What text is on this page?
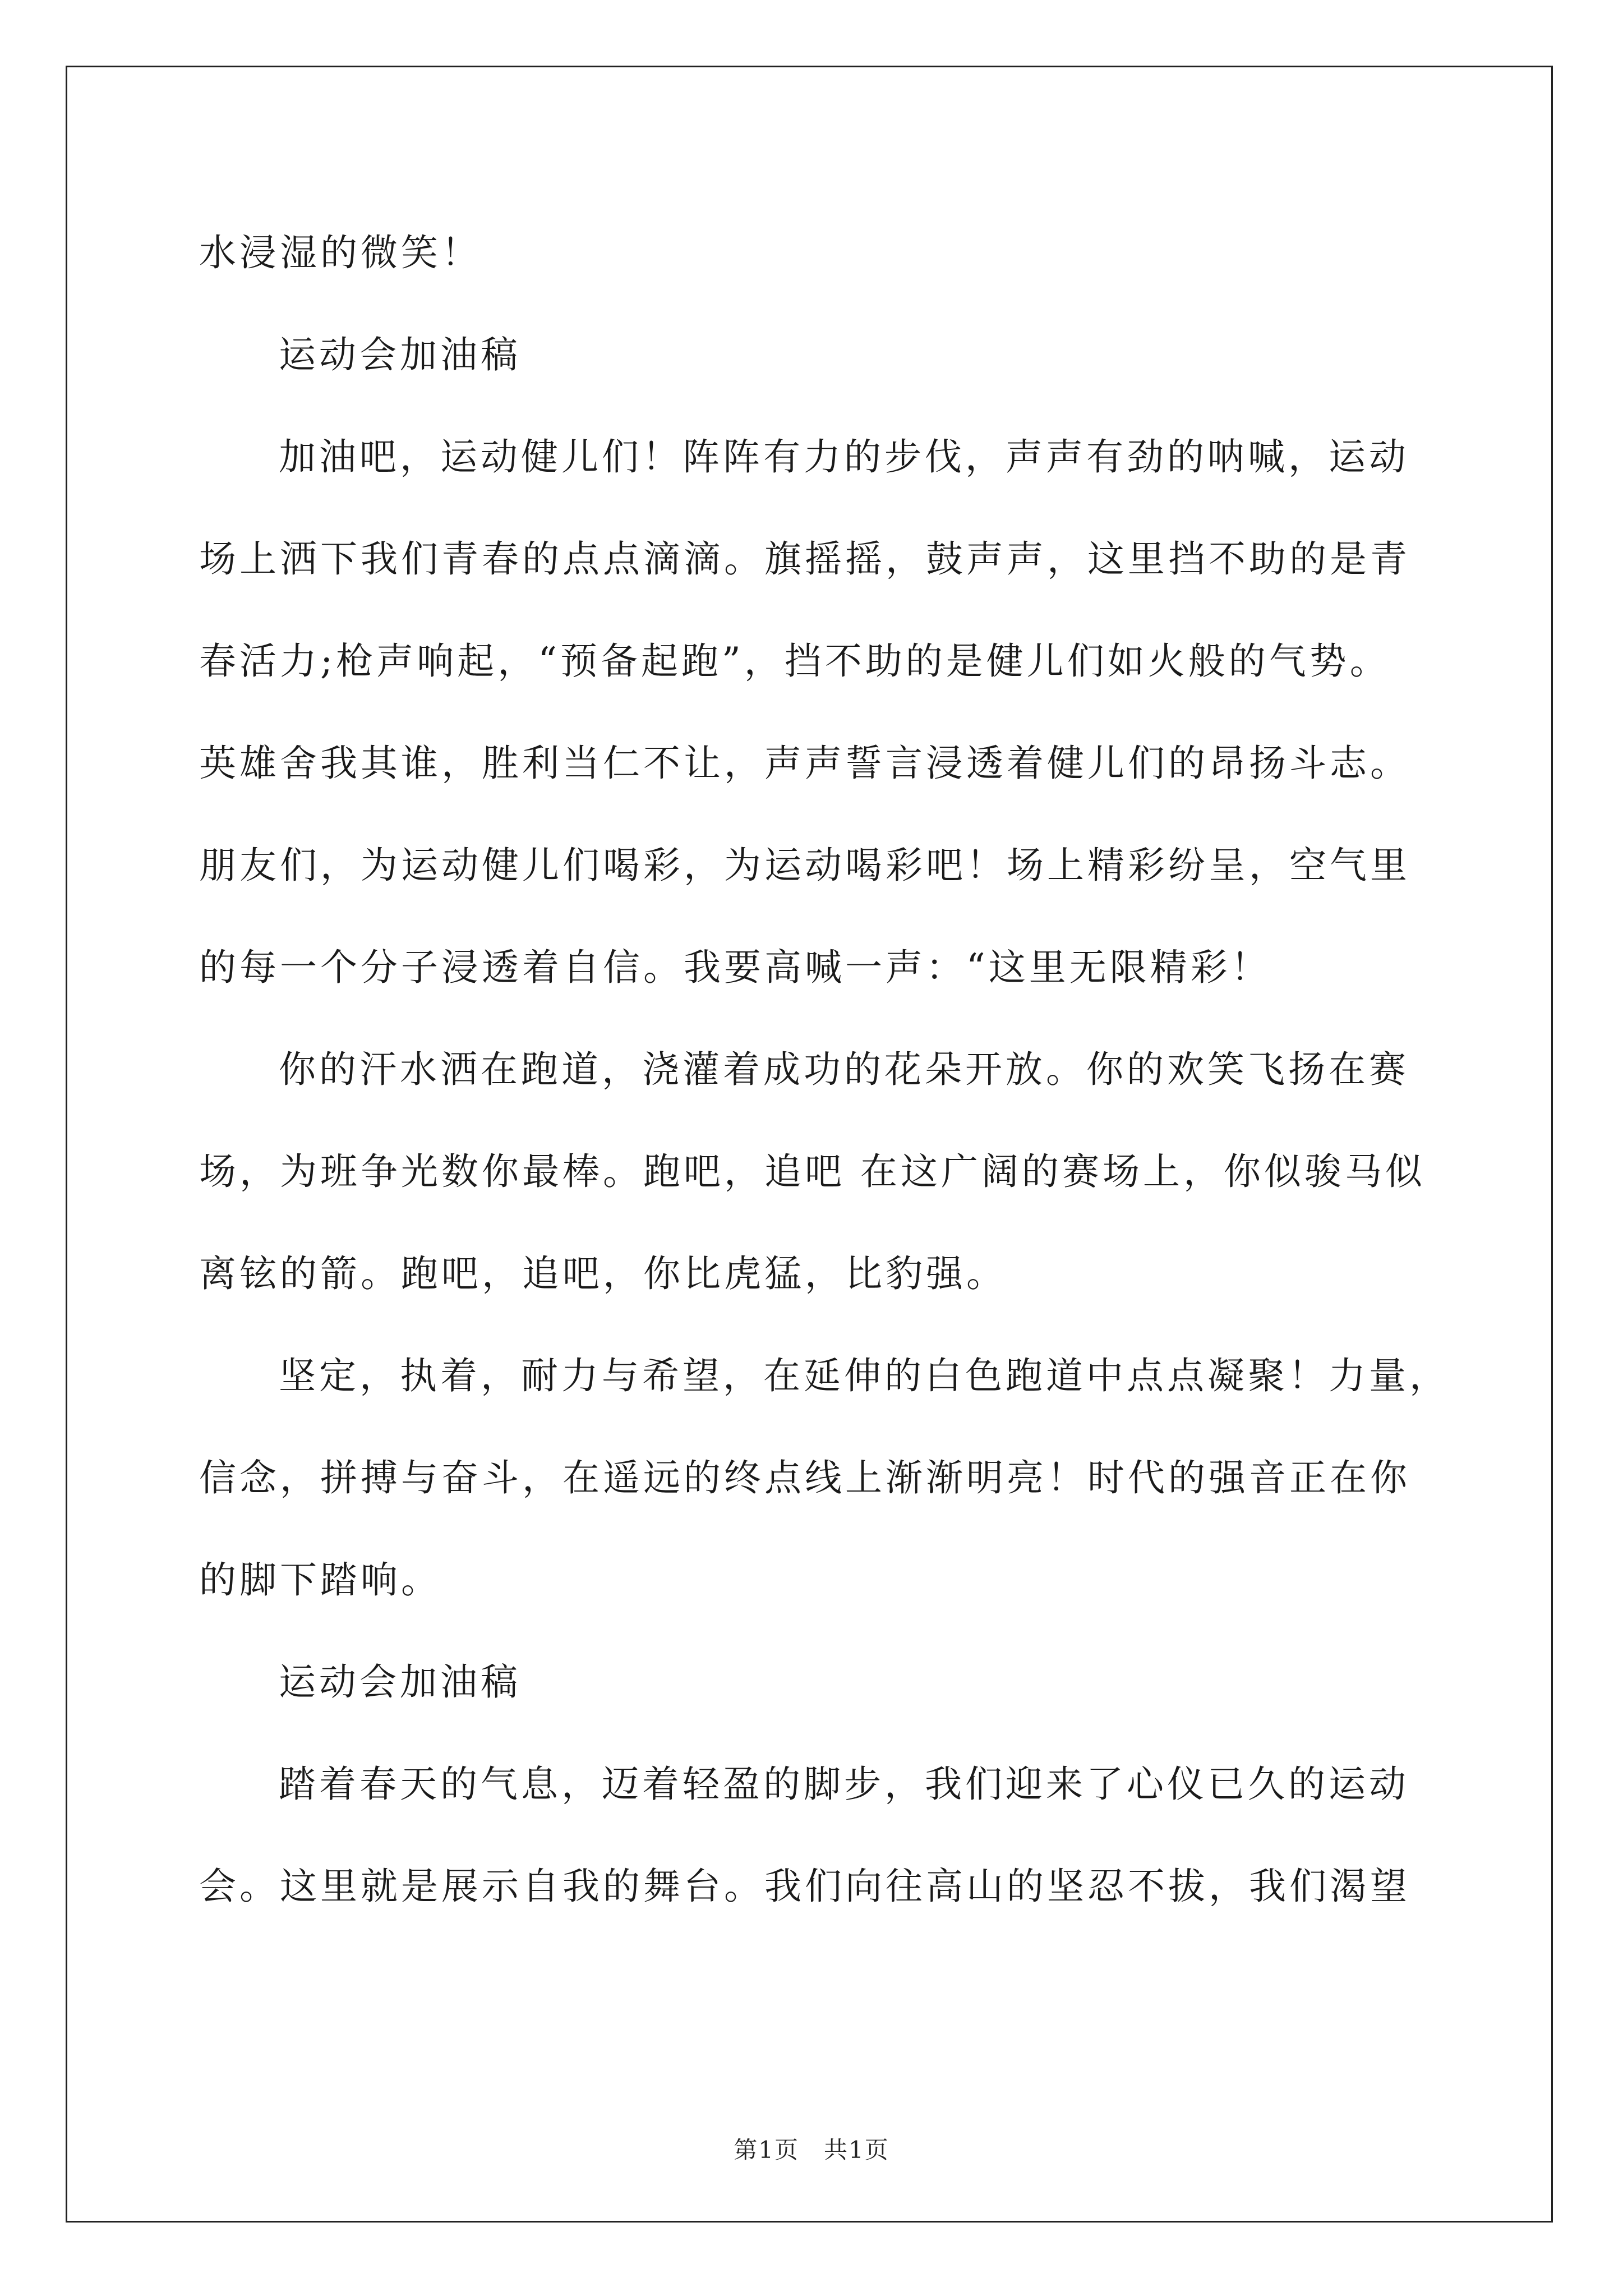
水浸湿的微笑！
运动会加油稿
加油吧，运动健儿们！阵阵有力的步伐，声声有劲的呐喊，运动
场上洒下我们青春的点点滴滴。旗摇摇，鼓声声，这里挡不助的是青
春活力;枪声响起，“预备起跑”，挡不助的是健儿们如火般的气势。
英雄舍我其谁，胜利当仁不让，声声誓言浸透着健儿们的昂扬斗志。
朋友们，为运动健儿们喝彩，为运动喝彩吧！场上精彩纷呈，空气里
的每一个分子浸透着自信。我要高喊一声：“这里无限精彩！
你的汗水洒在跑道，浇灌着成功的花朵开放。你的欢笑飞扬在赛
场，为班争光数你最棒。跑吧，追吧 在这广阔的赛场上，你似骏马似
离铉的箭。跑吧，追吧，你比虎猛，比豹强。
坚定，执着，耐力与希望，在延伸的白色跑道中点点凝聚！力量，
信念，拼搏与奋斗，在遥远的终点线上渐渐明亮！时代的强音正在你
的脚下踏响。
运动会加油稿
踏着春天的气息，迈着轻盈的脚步，我们迎来了心仪已久的运动
会。这里就是展示自我的舞台。我们向往高山的坚忍不拔，我们渴望
第1页　共1页
